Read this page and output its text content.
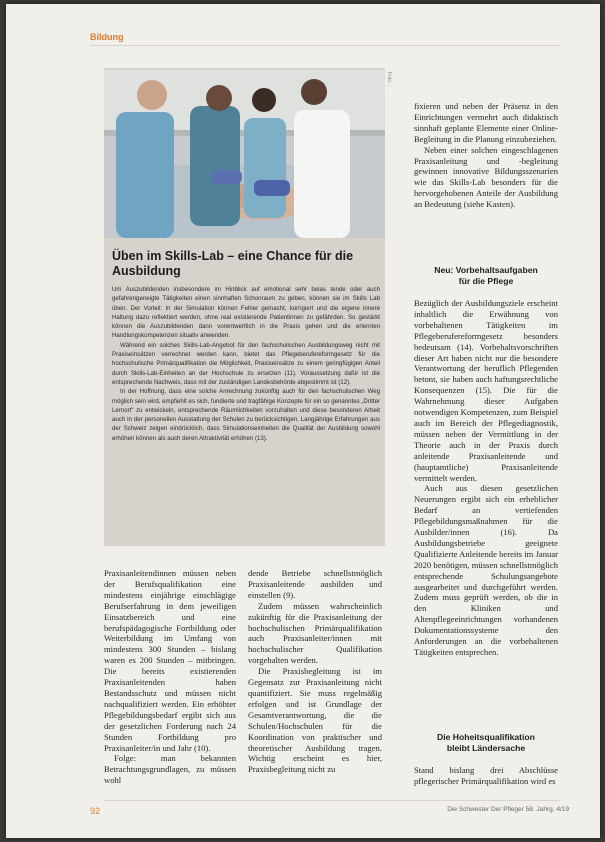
Bildung
Foto: ...
Üben im Skills-Lab – eine Chance für die Ausbildung

Um Auszubildenden insbesondere im Hinblick auf emotional sehr belas tende oder auch gefahrengeneigte Tätigkeiten einen sinnhaften Schonraum zu geben, können sie im Skills Lab üben. Der Vorteil: In der Simulation können Fehler gemacht, korrigiert und die eigene innere Haltung dazu reflektiert werden, ohne real existierende Patientinnen zu gefährden. So gestärkt können die Auszubildenden dann vorentwertlich in die Praxis gehen und die erlernten Handlungskompetenzen situativ anwenden.

Während ein solches Skills-Lab-Angebot für den fachschulischen Ausbildungsweg nicht mit Praxiseinsätzen verrechnet werden kann, bietet das Pflegeberufereformgesetz für die hochschulische Primärqualifikation die Möglichkeit, Praxiseinsätze zu einem geringfügigen Anteil durch Skills-Lab-Einheiten an der Hochschule zu ersetzen (11). Voraussetzung dafür ist die entsprechende Nachweis, dass mit der zuständigen Landesbehörde abgestimmt ist (12).

In der Hoffnung, dass eine solche Anrechnung zukünftig auch für den fachschulischen Weg möglich sein wird, empfiehlt es sich, fundierte und tragfähige Konzepte für ein so genanntes „Dritter Lernort" zu entwickeln, entsprechende Räumlichkeiten vorzuhalten und diese besonderen Arbeit auch in der personellen Ausstattung der Schulen zu berücksichtigen. Langjährige Erfahrungen aus der Schweiz zeigen eindrücklich, dass Simulationseinheiten die Qualität der Ausbildung sowohl erhöhen können als auch deren Attraktivität erhöhen (13).

Praxisanleitendinnen müssen neben der Berufsqualifikation eine mindestens einjährige einschlägige Berufserfahrung in dem jeweiligen Einsatzbereich und eine berufspädagogische Fortbildung oder Weiterbildung im Umfang von mindestens 300 Stunden – bislang waren es 200 Stunden – mitbringen. Die bereits existierenden Praxisanleitenden haben Bestandsschutz und müssen nicht nachqualifiziert werden. Ein erhöhter Pflegebildungsbedarf ergibt sich aus der gesetzlichen Forderung nach 24 Stunden Fortbildung pro Praxisanleiter/in und Jahr (10).

Folge: man bekannten Betrachtungsgrundlagen, zu müssen wohl

dende Betriebe schnellstmöglich Praxisanleitende ausbilden und einstellen (9).

Zudem müssen wahrscheinlich zukünftig für die Praxisanleitung der hochschulischen Primärqualifikation auch Praxisanleiter/innen mit hochschulischer Qualifikation vorgehalten werden.

Die Praxisbegleitung ist im Gegensatz zur Praxisanleitung nicht quantifiziert. Sie muss regelmäßig erfolgen und ist Grundlage der Gesamtverantwortung, die die Schulen/Hochschulen für die Koordination von praktischer und theoretischer Ausbildung tragen. Wichtig erscheint es hier, Praxisbegleitung nicht zu

fixieren und neben der Präsenz in den Einrichtungen vermehrt auch didaktisch sinnhaft geplante Elemente einer Online-Begleitung in die Planung einzubeziehen.

Neben einer solchen eingeschlagenen Praxisanleitung und -begleitung gewinnen innovative Bildungsszenarien wie das Skills-Lab besonders für die hervorgehobenen Anteile der Ausbildung an Bedeutung (siehe Kasten).

Neu: Vorbehaltsaufgaben
für die Pflege

Bezüglich der Ausbildungsziele erscheint inhaltlich die Erwähnung von vorbehaltenen Tätigkeiten im Pflegeberufereformgesetz besonders bedeutsam (14). Vorbehaltsvorschriften dieser Art haben nicht nur die besondere Verantwortung der beruflich Pflegenden betont, sie haben auch haftungsrechtliche Konsequenzen (15). Die für die Wahrnehmung dieser Aufgaben notwendigen Kompetenzen, zum Beispiel auch im Bereich der Pflegediagnostik, müssen neben der Vermittlung in der Theorie auch in der Praxis durch anleitende Praxisanleitende und (hauptamtliche) Praxisanleitende vermittelt werden.

Auch aus diesen gesetzlichen Neuerungen ergibt sich ein erheblicher Bedarf an vertiefenden Pflegebildungsmaßnahmen für die Ausbilder/innen (16). Da Ausbildungsbetriebe geeignete Qualifizierte Anleitende bereits im Januar 2020 benötigen, müssen schnellstmöglich entsprechende Schulungsangebote ausgearbeitet und durchgeführt werden. Zudem muss geprüft werden, ob die in den Kliniken und Altenpflegeeinrichtungen vorhandenen Dokumentationssysteme den Anforderungen an die vorbehaltenen Tätigkeiten entsprechen.

Die Hoheitsqualifikation
bleibt Ländersache

Stand bislang drei Abschlüsse pflegerischer Primärqualifikation wird es

92	Die Schwester Der Pfleger 58. Jahrg. 4/19
